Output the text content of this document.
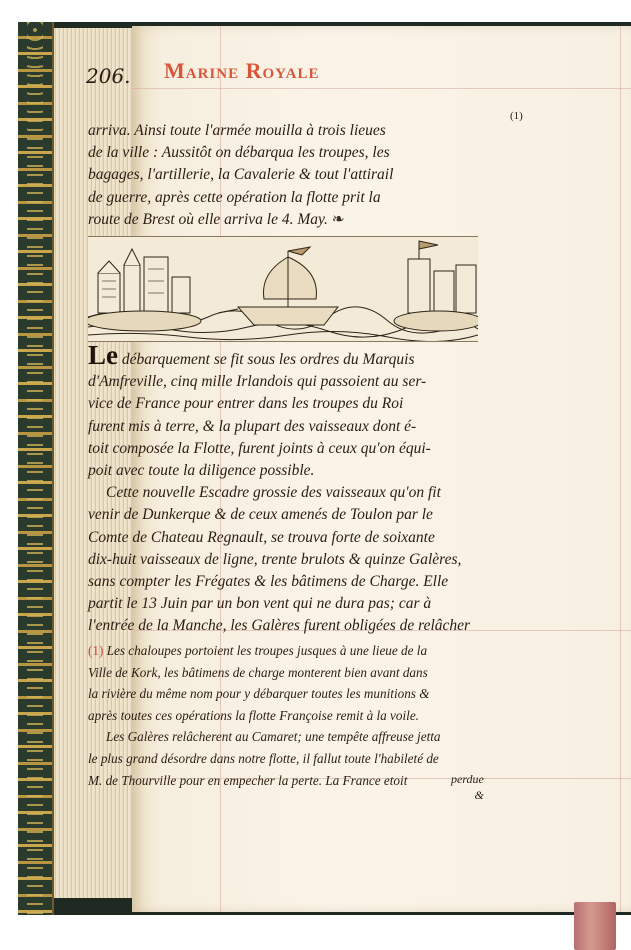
206. Marine Royale
arriva. Ainsi toute l'armée mouilla à trois lieues
de la ville : Aussitôt on débarqua les troupes, les
bagages, l'artillerie, la Cavalerie & tout l'attirail
de guerre, après cette opération la flotte prit la
route de Brest où elle arriva le 4. May. ❧
(1)
Le débarquement se fit sous les ordres du Marquis
d'Amfreville, cinq mille Irlandois qui passoient au ser-
vice de France pour entrer dans les troupes du Roi
furent mis à terre, & la plupart des vaisseaux dont é-
toit composée la Flotte, furent joints à ceux qu'on équi-
poit avec toute la diligence possible.
Cette nouvelle Escadre grossie des vaisseaux qu'on fit
venir de Dunkerque & de ceux amenés de Toulon par le
Comte de Chateau Regnault, se trouva forte de soixante
dix-huit vaisseaux de ligne, trente brulots & quinze Galères,
sans compter les Frégates & les bâtimens de Charge. Elle
partit le 13 Juin par un bon vent qui ne dura pas; car à
l'entrée de la Manche, les Galères furent obligées de relâcher
(1) Les chaloupes portoient les troupes jusques à une lieue de la
Ville de Kork, les bâtimens de charge monterent bien avant dans
la rivière du même nom pour y débarquer toutes les munitions &
après toutes ces opérations la flotte Françoise remit à la voile.
Les Galères relâcherent au Camaret; une tempête affreuse jetta
le plus grand désordre dans notre flotte, il fallut toute l'habileté de
M. de Thourville pour en empecher la perte. La France etoit	perdue
&
